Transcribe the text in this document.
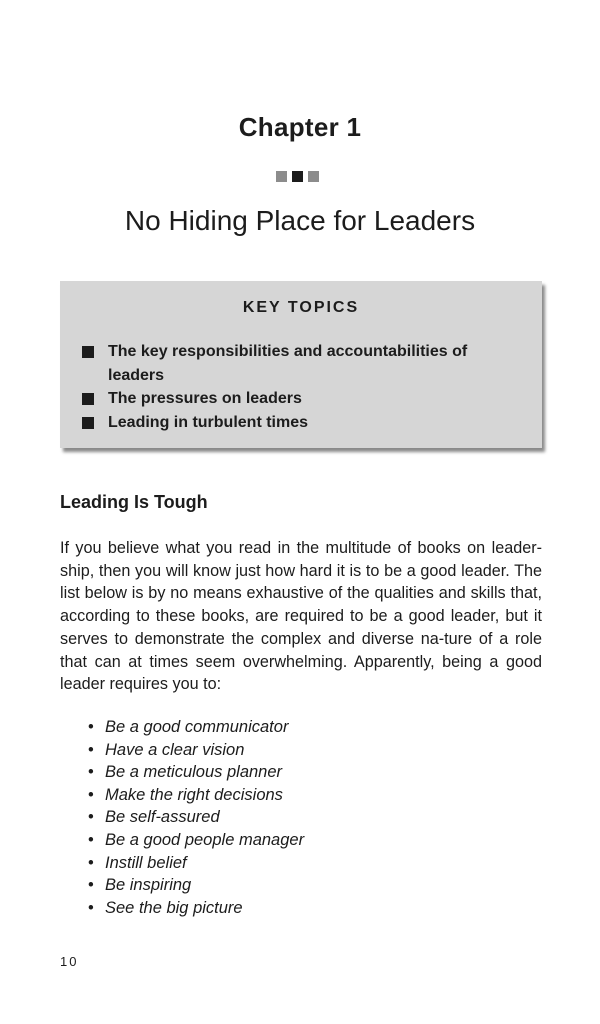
Chapter 1
No Hiding Place for Leaders
KEY TOPICS
The key responsibilities and accountabilities of leaders
The pressures on leaders
Leading in turbulent times
Leading Is Tough

If you believe what you read in the multitude of books on leader-ship, then you will know just how hard it is to be a good leader. The list below is by no means exhaustive of the qualities and skills that, according to these books, are required to be a good leader, but it serves to demonstrate the complex and diverse na-ture of a role that can at times seem overwhelming. Apparently, being a good leader requires you to:

• Be a good communicator
• Have a clear vision
• Be a meticulous planner
• Make the right decisions
• Be self-assured
• Be a good people manager
• Instill belief
• Be inspiring
• See the big picture
10
